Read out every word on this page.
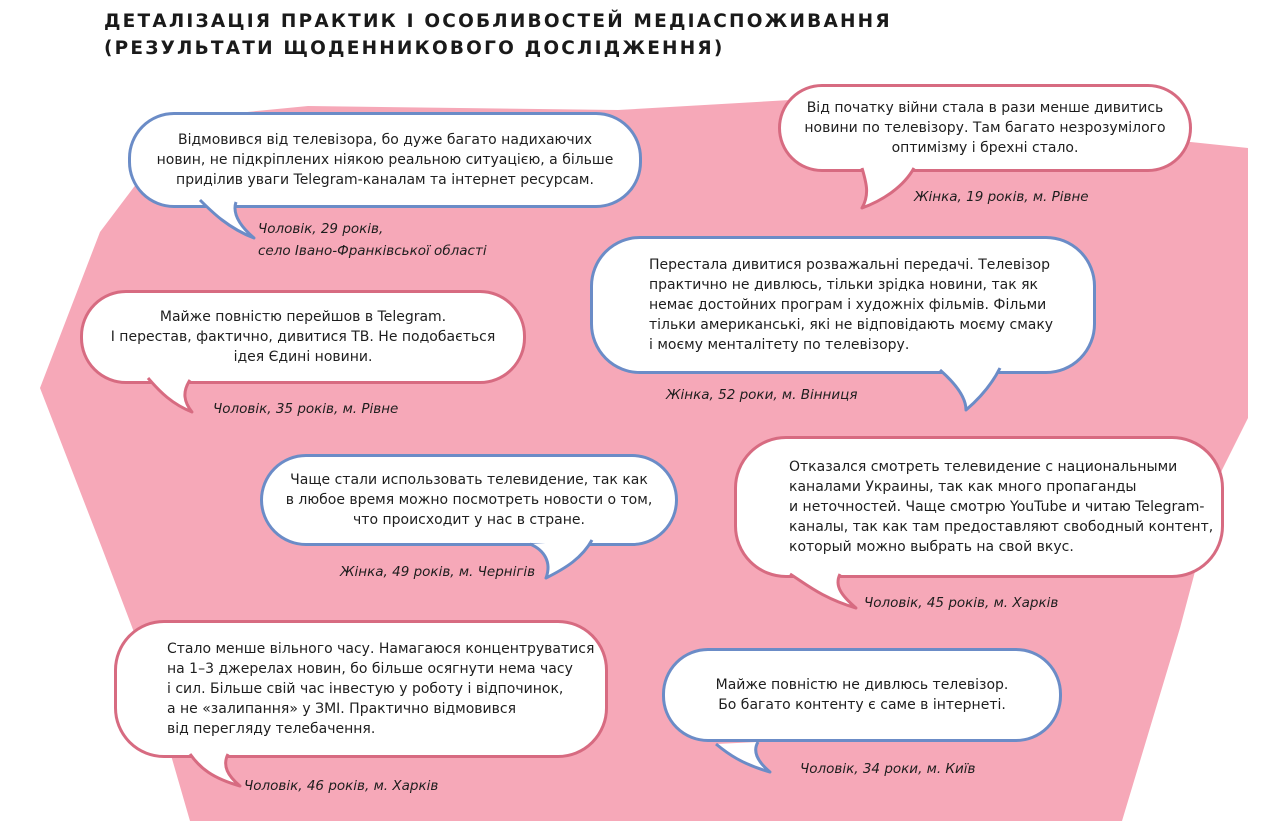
ДЕТАЛІЗАЦІЯ ПРАКТИК І ОСОБЛИВОСТЕЙ МЕДІАСПОЖИВАННЯ
(РЕЗУЛЬТАТИ ЩОДЕННИКОВОГО ДОСЛІДЖЕННЯ)
Відмовився від телевізора, бо дуже багато надихаючих
новин, не підкріплених ніякою реальною ситуацією, а більше
приділив уваги Telegram-каналам та інтернет ресурсам.
Чоловік, 29 років,
село Івано-Франківської області
Від початку війни стала в рази менше дивитись
новини по телевізору. Там багато незрозумілого
оптимізму і брехні стало.
Жінка, 19 років, м. Рівне
Перестала дивитися розважальні передачі. Телевізор
практично не дивлюсь, тільки зрідка новини, так як
немає достойних програм і художніх фільмів. Фільми
тільки американські, які не відповідають моєму смаку
і моєму менталітету по телевізору.
Жінка, 52 роки, м. Вінниця
Майже повністю перейшов в Telegram.
І перестав, фактично, дивитися ТВ. Не подобається
ідея Єдині новини.
Чоловік, 35 років, м. Рівне
Чаще стали использовать телевидение, так как
в любое время можно посмотреть новости о том,
что происходит у нас в стране.
Жінка, 49 років, м. Чернігів
Отказался смотреть телевидение с национальными
каналами Украины, так как много пропаганды
и неточностей. Чаще смотрю YouTube и читаю Telegram-
каналы, так как там предоставляют свободный контент,
который можно выбрать на свой вкус.
Чоловік, 45 років, м. Харків
Стало менше вільного часу. Намагаюся концентруватися
на 1–3 джерелах новин, бо більше осягнути нема часу
і сил. Більше свій час інвестую у роботу і відпочинок,
а не «залипання» у ЗМІ. Практично відмовився
від перегляду телебачення.
Чоловік, 46 років, м. Харків
Майже повністю не дивлюсь телевізор.
Бо багато контенту є саме в інтернеті.
Чоловік, 34 роки, м. Київ
